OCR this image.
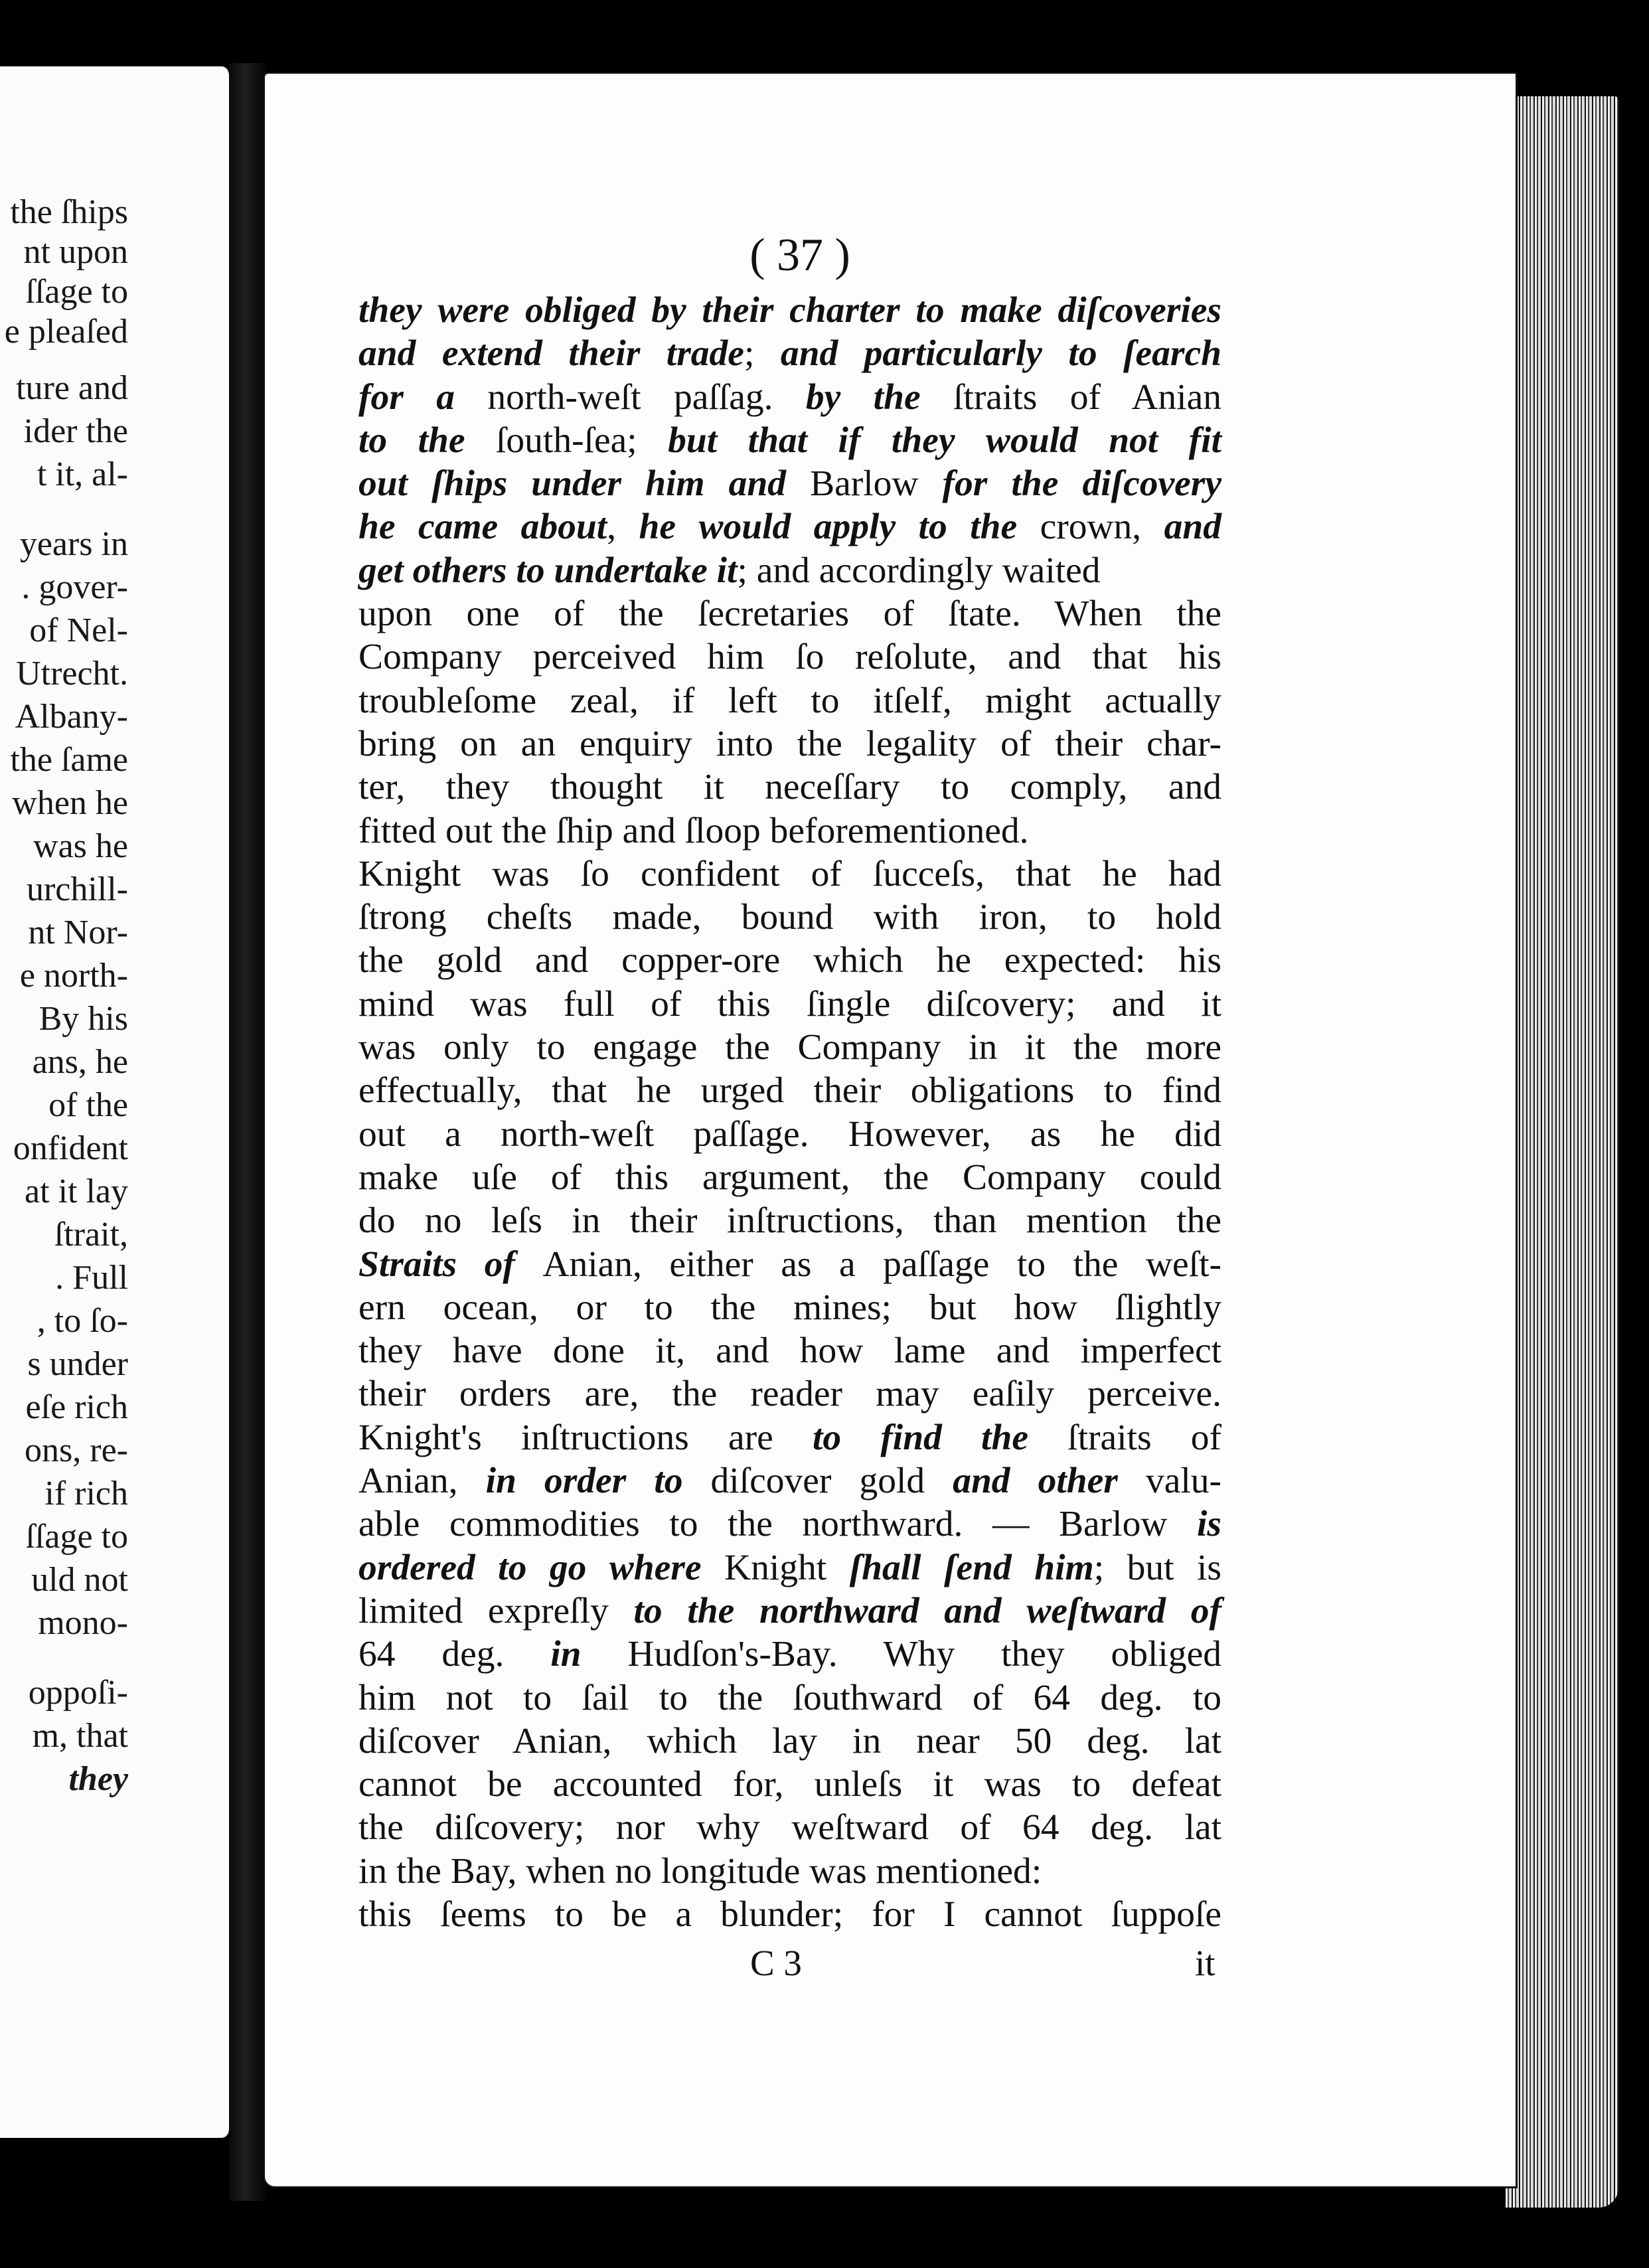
the ſhips
nt upon
ſſage to
e pleaſed
ture and
ider the
t it, al-
years in
. gover-
of Nel-
Utrecht.
Albany-
the ſame
when he
was he
urchill-
nt Nor-
e north-
By his
ans, he
of the
onfident
at it lay
ſtrait,
. Full
, to ſo-
s under
eſe rich
ons, re-
if rich
ſſage to
uld not
mono-
oppoſi-
m, that
they
( 37 )
they were obliged by their charter to make diſcoveries
and extend their trade; and particularly to ſearch
for a north-weſt paſſag. by the ſtraits of Anian
to the ſouth-ſea; but that if they would not fit
out ſhips under him and Barlow for the diſcovery
he came about, he would apply to the crown, and
get others to undertake it; and accordingly waited
upon one of the ſecretaries of ſtate. When the
Company perceived him ſo reſolute, and that his
troubleſome zeal, if left to itſelf, might actually
bring on an enquiry into the legality of their char-
ter, they thought it neceſſary to comply, and
fitted out the ſhip and ſloop beforementioned.
Knight was ſo confident of ſucceſs, that he had
ſtrong cheſts made, bound with iron, to hold
the gold and copper-ore which he expected: his
mind was full of this ſingle diſcovery; and it
was only to engage the Company in it the more
effectually, that he urged their obligations to find
out a north-weſt paſſage. However, as he did
make uſe of this argument, the Company could
do no leſs in their inſtructions, than mention the
Straits of Anian, either as a paſſage to the weſt-
ern ocean, or to the mines; but how ſlightly
they have done it, and how lame and imperfect
their orders are, the reader may eaſily perceive.
Knight's inſtructions are to find the ſtraits of
Anian, in order to diſcover gold and other valu-
able commodities to the northward. — Barlow is
ordered to go where Knight ſhall ſend him; but is
limited expreſly to the northward and weſtward of
64 deg. in Hudſon's-Bay. Why they obliged
him not to ſail to the ſouthward of 64 deg. to
diſcover Anian, which lay in near 50 deg. lat
cannot be accounted for, unleſs it was to defeat
the diſcovery; nor why weſtward of 64 deg. lat
in the Bay, when no longitude was mentioned:
this ſeems to be a blunder; for I cannot ſuppoſe
C 3	it
